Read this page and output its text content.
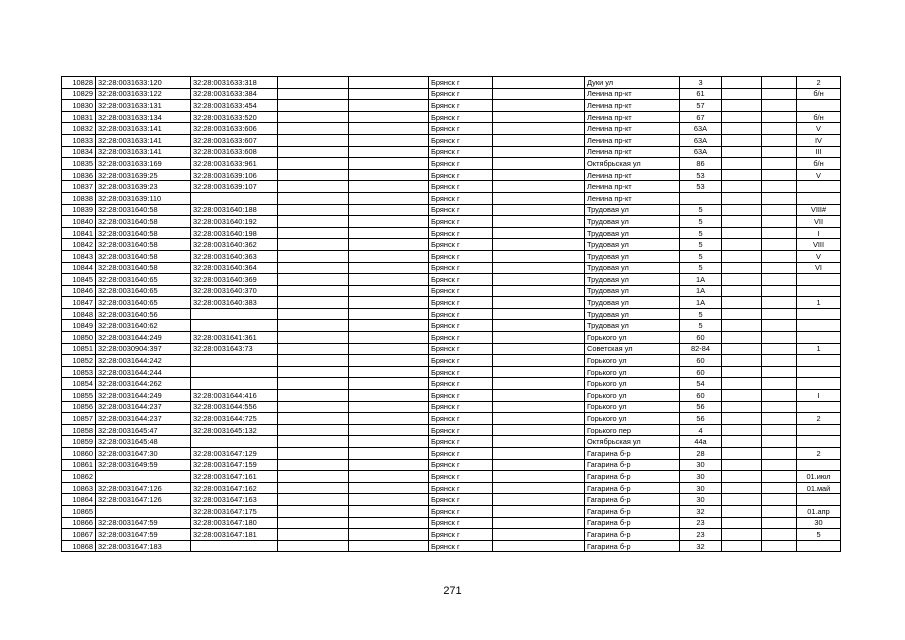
10828	32:28:0031633:120	32:28:0031633:318			Брянск г		Дуки ул	3			2
10829	32:28:0031633:122	32:28:0031633:384			Брянск г		Ленина пр-кт	61			б/н
10830	32:28:0031633:131	32:28:0031633:454			Брянск г		Ленина пр-кт	57			
10831	32:28:0031633:134	32:28:0031633:520			Брянск г		Ленина пр-кт	67			б/н
10832	32:28:0031633:141	32:28:0031633:606			Брянск г		Ленина пр-кт	63А			V
10833	32:28:0031633:141	32:28:0031633:607			Брянск г		Ленина пр-кт	63А			IV
10834	32:28:0031633:141	32:28:0031633:608			Брянск г		Ленина пр-кт	63А			III
10835	32:28:0031633:169	32:28:0031633:961			Брянск г		Октябрьская ул	86			б/н
10836	32:28:0031639:25	32:28:0031639:106			Брянск г		Ленина пр-кт	53			V
10837	32:28:0031639:23	32:28:0031639:107			Брянск г		Ленина пр-кт	53			
10838	32:28:0031639:110				Брянск г		Ленина пр-кт				
10839	32:28:0031640:58	32:28:0031640:188			Брянск г		Трудовая ул	5			VIII#
10840	32:28:0031640:58	32:28:0031640:192			Брянск г		Трудовая ул	5			VII
10841	32:28:0031640:58	32:28:0031640:198			Брянск г		Трудовая ул	5			I
10842	32:28:0031640:58	32:28:0031640:362			Брянск г		Трудовая ул	5			VIII
10843	32:28:0031640:58	32:28:0031640:363			Брянск г		Трудовая ул	5			V
10844	32:28:0031640:58	32:28:0031640:364			Брянск г		Трудовая ул	5			VI
10845	32:28:0031640:65	32:28:0031640:369			Брянск г		Трудовая ул	1А			
10846	32:28:0031640:65	32:28:0031640:370			Брянск г		Трудовая ул	1А			
10847	32:28:0031640:65	32:28:0031640:383			Брянск г		Трудовая ул	1А			1
10848	32:28:0031640:56				Брянск г		Трудовая ул	5			
10849	32:28:0031640:62				Брянск г		Трудовая ул	5			
10850	32:28:0031644:249	32:28:0031641:361			Брянск г		Горького ул	60			
10851	32:28:0030904:397	32:28:0031643:73			Брянск г		Советская ул	82-84			1
10852	32:28:0031644:242				Брянск г		Горького ул	60			
10853	32:28:0031644:244				Брянск г		Горького ул	60			
10854	32:28:0031644:262				Брянск г		Горького ул	54			
10855	32:28:0031644:249	32:28:0031644:416			Брянск г		Горького ул	60			I
10856	32:28:0031644:237	32:28:0031644:556			Брянск г		Горького ул	56			
10857	32:28:0031644:237	32:28:0031644:725			Брянск г		Горького ул	56			2
10858	32:28:0031645:47	32:28:0031645:132			Брянск г		Горького пер	4			
10859	32:28:0031645:48				Брянск г		Октябрьская ул	44а			
10860	32:28:0031647:30	32:28:0031647:129			Брянск г		Гагарина б-р	28			2
10861	32:28:0031649:59	32:28:0031647:159			Брянск г		Гагарина б-р	30			
10862		32:28:0031647:161			Брянск г		Гагарина б-р	30			01.июл
10863	32:28:0031647:126	32:28:0031647:162			Брянск г		Гагарина б-р	30			01.май
10864	32:28:0031647:126	32:28:0031647:163			Брянск г		Гагарина б-р	30			
10865		32:28:0031647:175			Брянск г		Гагарина б-р	32			01.апр
10866	32:28:0031647:59	32:28:0031647:180			Брянск г		Гагарина б-р	23			30
10867	32:28:0031647:59	32:28:0031647:181			Брянск г		Гагарина б-р	23			5
10868	32:28:0031647:183				Брянск г		Гагарина б-р	32			
271
